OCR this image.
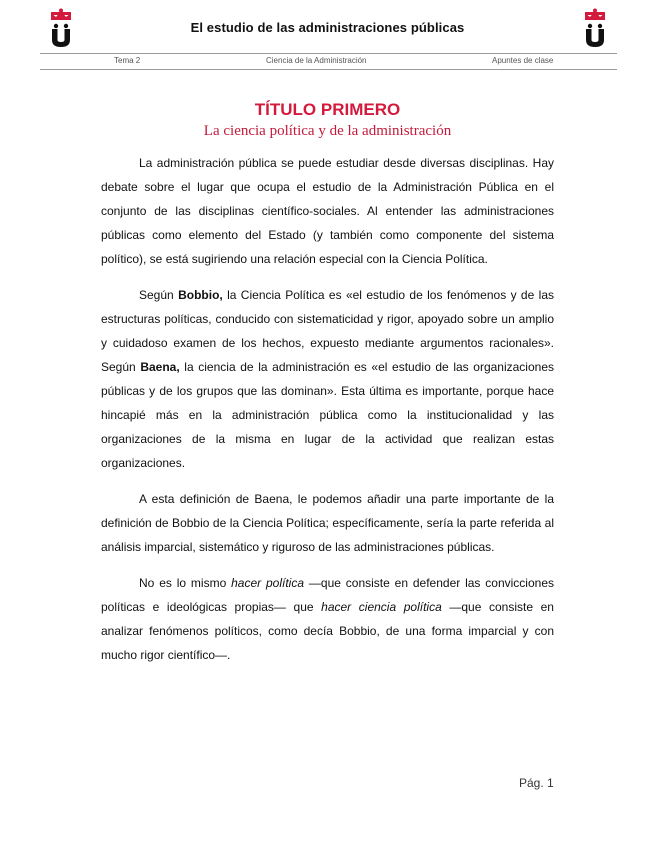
El estudio de las administraciones públicas
Tema 2	Ciencia de la Administración	Apuntes de clase
TÍTULO PRIMERO
La ciencia política y de la administración

La administración pública se puede estudiar desde diversas disciplinas. Hay debate sobre el lugar que ocupa el estudio de la Administración Pública en el conjunto de las disciplinas científico-sociales. Al entender las administraciones públicas como elemento del Estado (y también como componente del sistema político), se está sugiriendo una relación especial con la Ciencia Política.

Según Bobbio, la Ciencia Política es «el estudio de los fenómenos y de las estructuras políticas, conducido con sistematicidad y rigor, apoyado sobre un amplio y cuidadoso examen de los hechos, expuesto mediante argumentos racionales». Según Baena, la ciencia de la administración es «el estudio de las organizaciones públicas y de los grupos que las dominan». Esta última es importante, porque hace hincapié más en la administración pública como la institucionalidad y las organizaciones de la misma en lugar de la actividad que realizan estas organizaciones.

A esta definición de Baena, le podemos añadir una parte importante de la definición de Bobbio de la Ciencia Política; específicamente, sería la parte referida al análisis imparcial, sistemático y riguroso de las administraciones públicas.

No es lo mismo hacer política —que consiste en defender las convicciones políticas e ideológicas propias— que hacer ciencia política —que consiste en analizar fenómenos políticos, como decía Bobbio, de una forma imparcial y con mucho rigor científico—.

Pág. 1
